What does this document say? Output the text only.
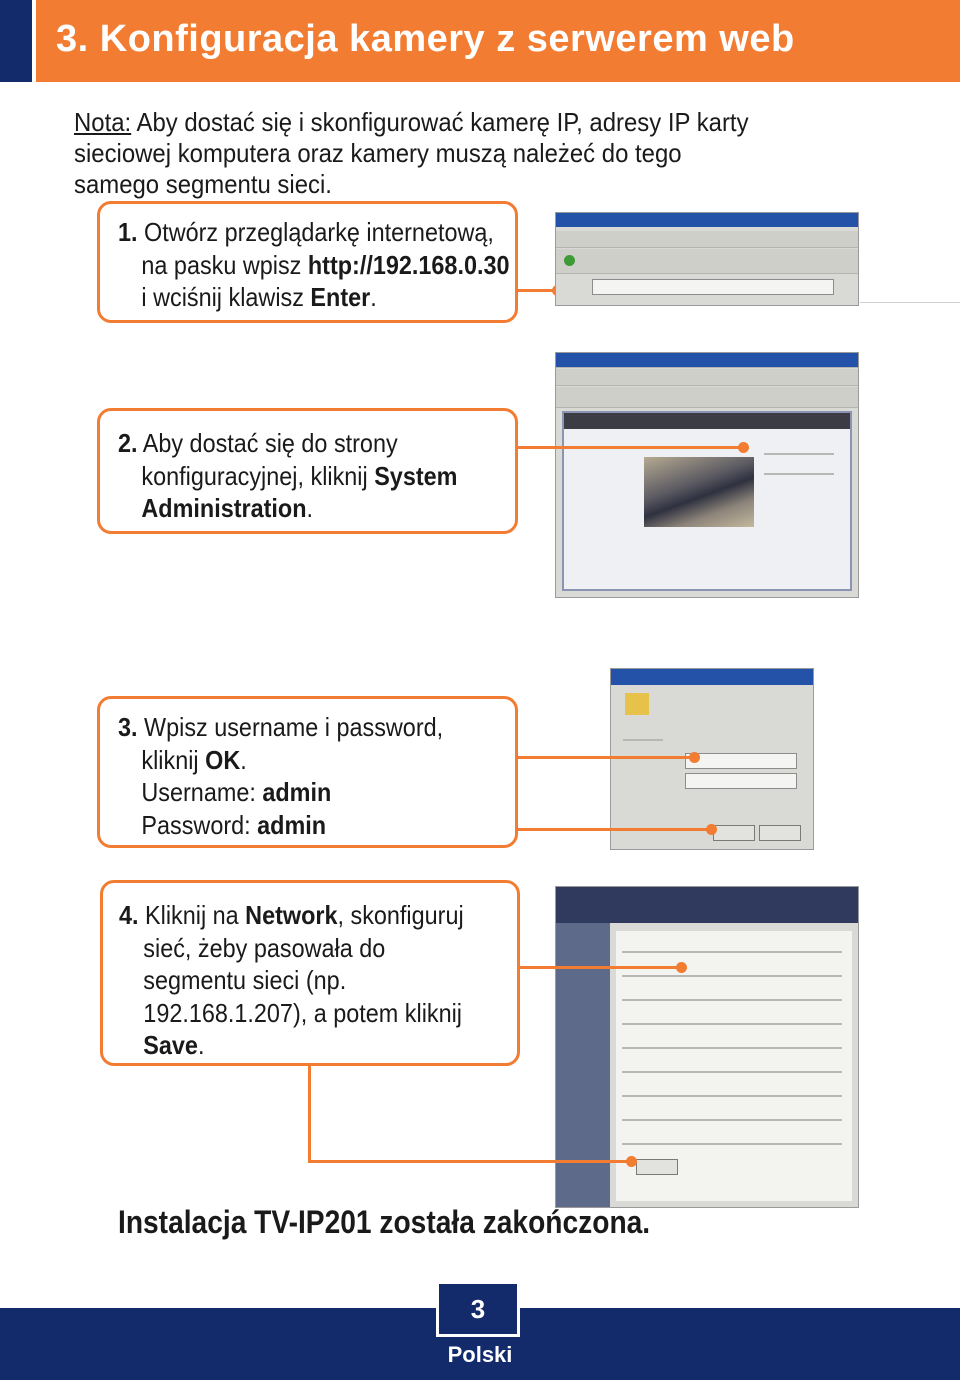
3. Konfiguracja kamery z serwerem web
Nota: Aby dostać się i skonfigurować kamerę IP, adresy IP karty sieciowej komputera oraz kamery muszą należeć do tego samego segmentu sieci.
1. Otwórz przeglądarkę internetową,
na pasku wpisz http://192.168.0.30
i wciśnij klawisz Enter.
2. Aby dostać się do strony
konfiguracyjnej, kliknij System
Administration.
3. Wpisz username i password,
kliknij OK.
Username: admin
Password: admin
4. Kliknij na Network, skonfiguruj
sieć, żeby pasowała do
segmentu sieci (np.
192.168.1.207), a potem kliknij
Save.
Instalacja TV-IP201 została zakończona.
3
Polski
